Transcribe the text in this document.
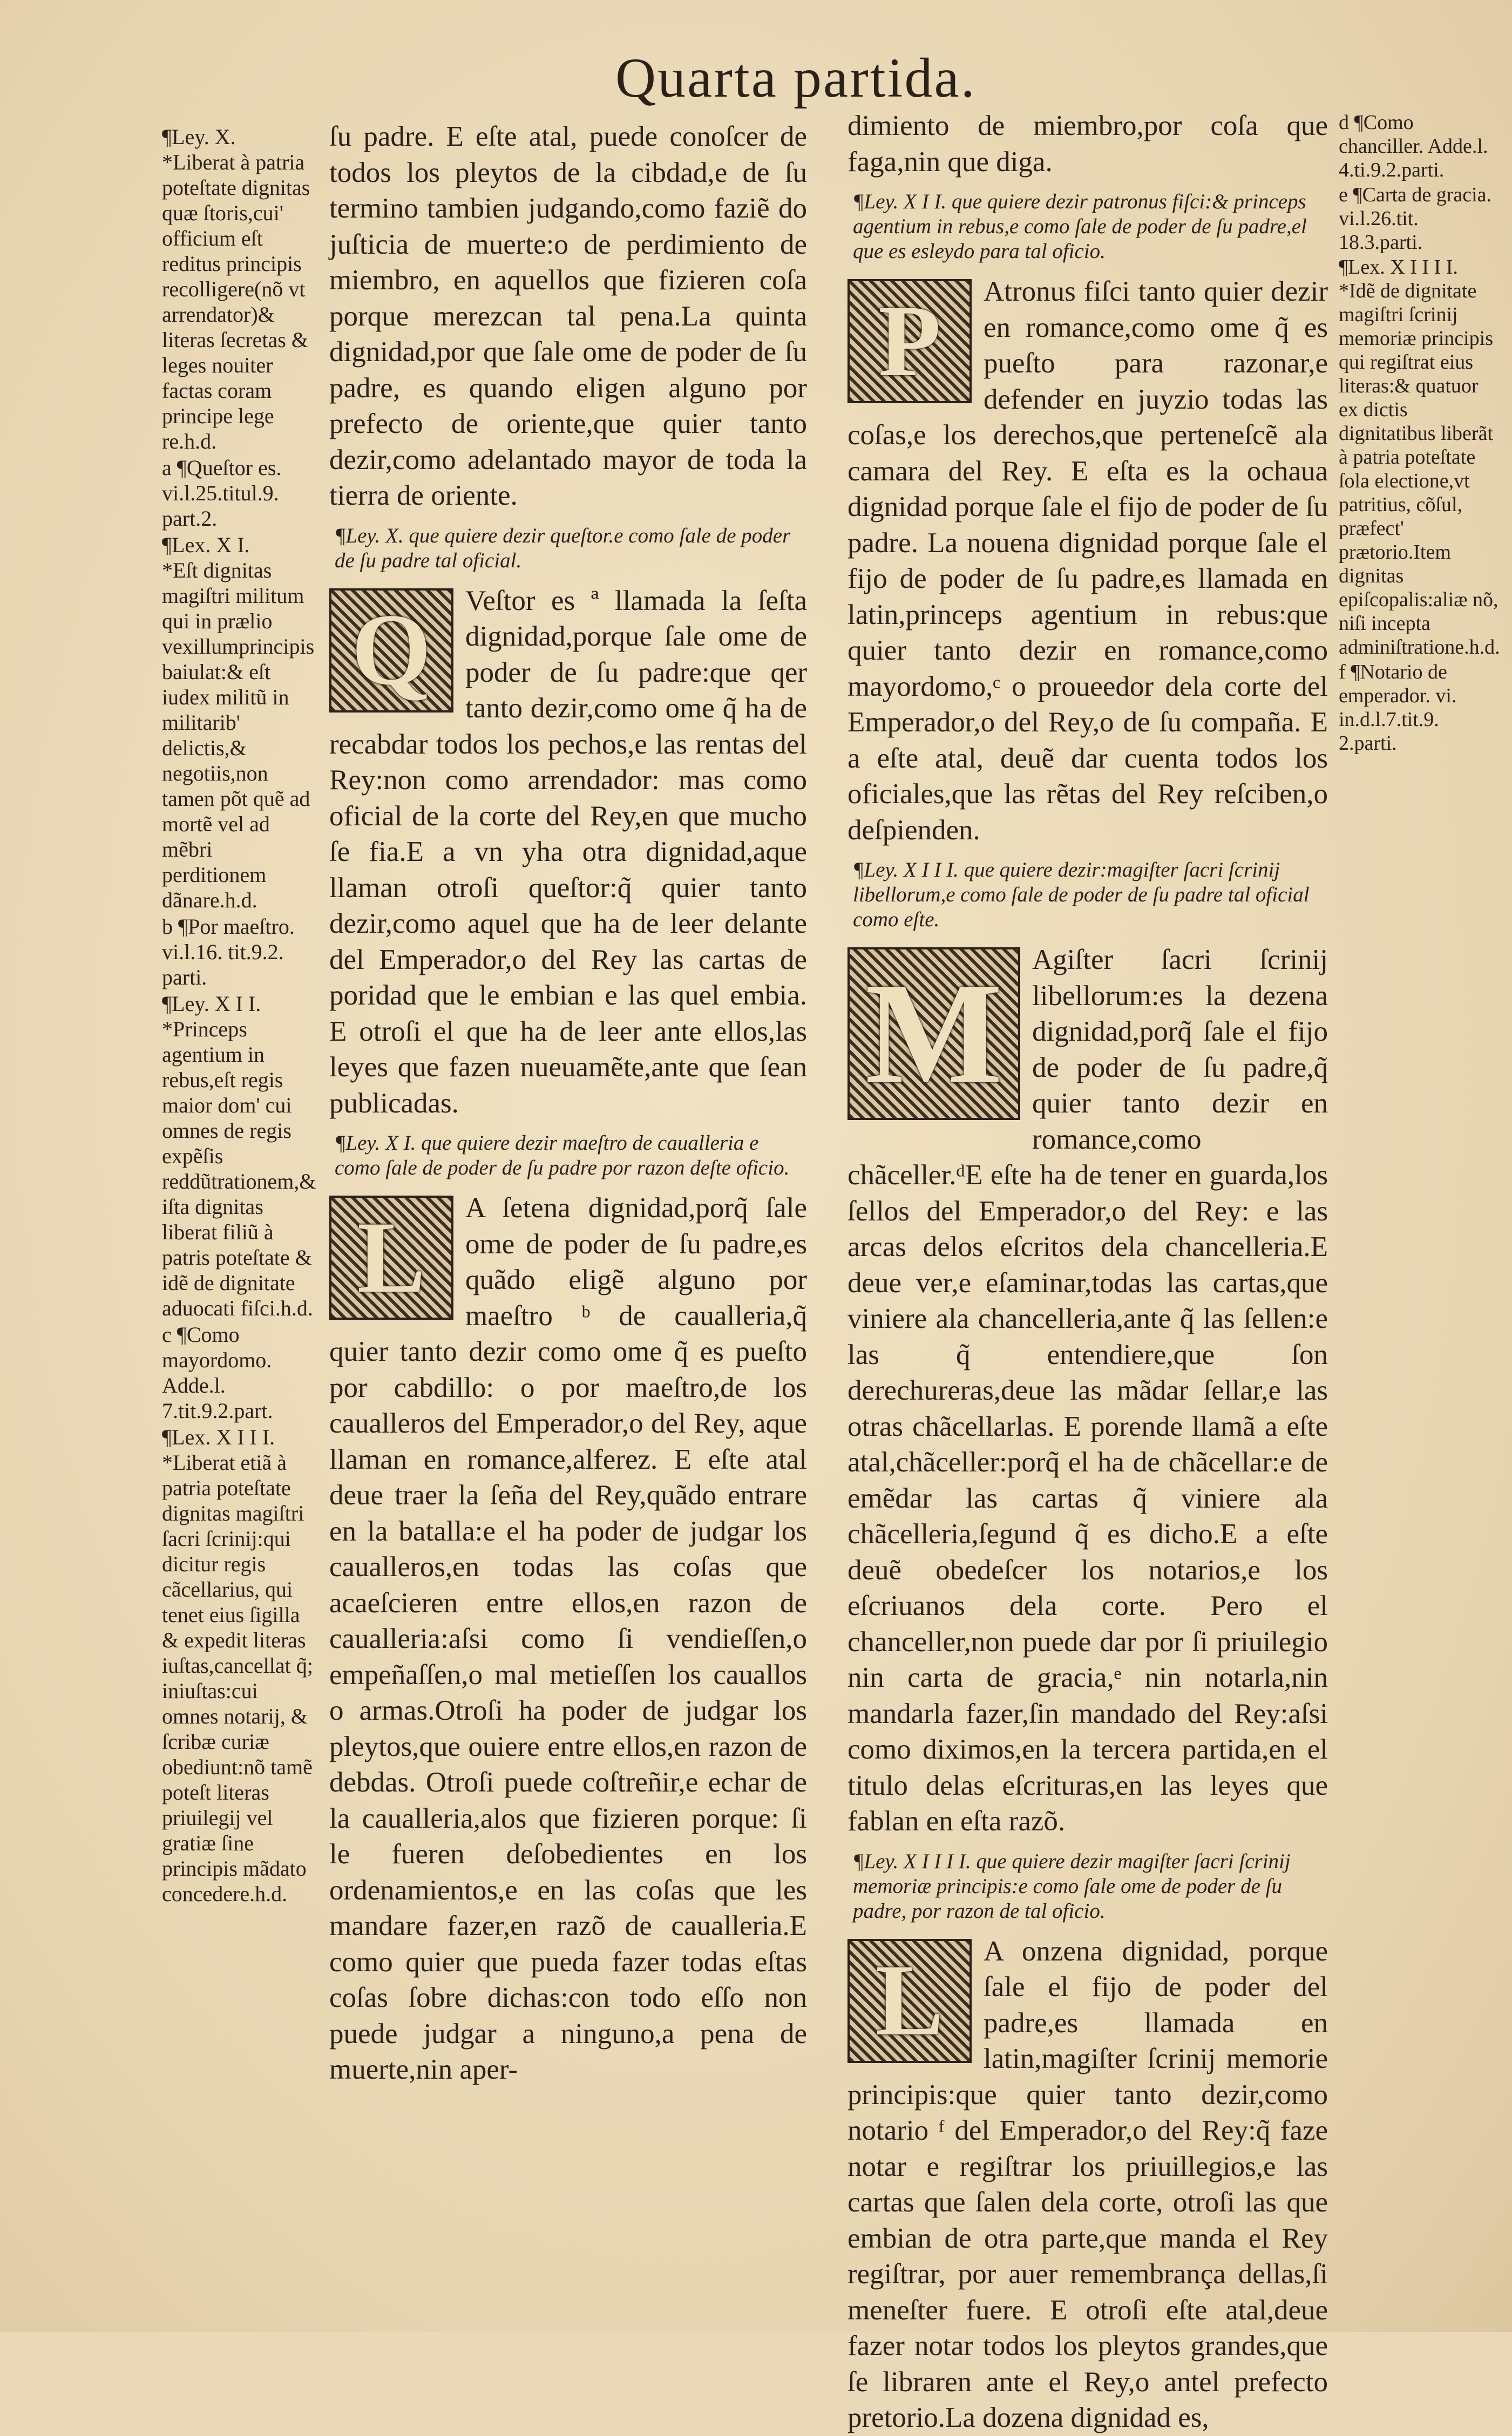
Quarta partida.

¶Ley. X.
*Liberat à patria poteſtate dignitas quæ ſtoris,cui' officium eſt reditus principis recolligere(nõ vt arrendator)& literas ſecretas & leges nouiter factas coram principe lege re.h.d.

a ¶Queſtor es. vi.l.25.titul.9. part.2.

¶Lex. X I.
*Eſt dignitas magiſtri militum qui in prælio vexillumprincipis baiulat:& eſt iudex militũ in militarib' delictis,& negotiis,non tamen põt quẽ ad mortẽ vel ad mẽbri perditionem dãnare.h.d.

b ¶Por maeſtro. vi.l.16. tit.9.2. parti.

¶Ley. X I I.
*Princeps agentium in rebus,eſt regis maior dom' cui omnes de regis expẽſis reddũtrationem,& iſta dignitas liberat filiũ à patris poteſtate & idẽ de dignitate aduocati fiſci.h.d.

c ¶Como mayordomo. Adde.l. 7.tit.9.2.part.

¶Lex. X I I I.
*Liberat etiã à patria poteſtate dignitas magiſtri ſacri ſcrinij:qui dicitur regis cãcellarius, qui tenet eius ſigilla & expedit literas iuſtas,cancellat q̃; iniuſtas:cui omnes notarij, & ſcribæ curiæ obediunt:nõ tamẽ poteſt literas priuilegij vel gratiæ ſine principis mãdato concedere.h.d.

ſu padre. E eſte atal, puede conoſcer de todos los pleytos de la cibdad,e de ſu termino tambien judgando,como faziẽ do juſticia de muerte:o de perdimiento de miembro, en aquellos que fizieren coſa porque merezcan tal pena.La quinta dignidad,por que ſale ome de poder de ſu padre, es quando eligen alguno por prefecto de oriente,que quier tanto dezir,como adelantado mayor de toda la tierra de oriente.

¶Ley. X. que quiere dezir queſtor.e como ſale de poder de ſu padre tal oficial.

Q	Veſtor es ª llamada la ſeſta dignidad,porque ſale ome de poder de ſu padre:que qer tanto dezir,como ome q̃ ha de recabdar todos los pechos,e las rentas del Rey:non como arrendador: mas como oficial de la corte del Rey,en que mucho ſe fia.E a vn yha otra dignidad,aque llaman otroſi queſtor:q̃ quier tanto dezir,como aquel que ha de leer delante del Emperador,o del Rey las cartas de poridad que le embian e las quel embia. E otroſi el que ha de leer ante ellos,las leyes que fazen nueuamẽte,ante que ſean publicadas.

¶Ley. X I. que quiere dezir maeſtro de caualleria e como ſale de poder de ſu padre por razon deſte oficio.

L	A ſetena dignidad,porq̃ ſale ome de poder de ſu padre,es quãdo eligẽ alguno por maeſtro ᵇ de caualleria,q̃ quier tanto dezir como ome q̃ es pueſto por cabdillo: o por maeſtro,de los caualleros del Emperador,o del Rey, aque llaman en romance,alferez. E eſte atal deue traer la ſeña del Rey,quãdo entrare en la batalla:e el ha poder de judgar los caualleros,en todas las coſas que acaeſcieren entre ellos,en razon de caualleria:aſsi como ſi vendieſſen,o empeñaſſen,o mal metieſſen los cauallos o armas.Otroſi ha poder de judgar los pleytos,que ouiere entre ellos,en razon de debdas. Otroſi puede coſtreñir,e echar de la caualleria,alos que fizieren porque: ſi le fueren deſobedientes en los ordenamientos,e en las coſas que les mandare fazer,en razõ de caualleria.E como quier que pueda fazer todas eſtas coſas ſobre dichas:con todo eſſo non puede judgar a ninguno,a pena de muerte,nin aper-

dimiento de miembro,por coſa que faga,nin que diga.

¶Ley. X I I. que quiere dezir patronus fiſci:& princeps agentium in rebus,e como ſale de poder de ſu padre,el que es esleydo para tal oficio.

P	Atronus fiſci tanto quier dezir en romance,como ome q̃ es pueſto para razonar,e defender en juyzio todas las coſas,e los derechos,que perteneſcẽ ala camara del Rey. E eſta es la ochaua dignidad porque ſale el fijo de poder de ſu padre. La nouena dignidad porque ſale el fijo de poder de ſu padre,es llamada en latin,princeps agentium in rebus:que quier tanto dezir en romance,como mayordomo,ᶜ o proueedor dela corte del Emperador,o del Rey,o de ſu compaña. E a eſte atal, deuẽ dar cuenta todos los oficiales,que las rẽtas del Rey reſciben,o deſpienden.

¶Ley. X I I I. que quiere dezir:magiſter ſacri ſcrinij libellorum,e como ſale de poder de ſu padre tal oficial como eſte.

M	Agiſter ſacri ſcrinij libellorum:es la dezena dignidad,porq̃ ſale el fijo de poder de ſu padre,q̃ quier tanto dezir en romance,como chãceller.ᵈE eſte ha de tener en guarda,los ſellos del Emperador,o del Rey: e las arcas delos eſcritos dela chancelleria.E deue ver,e eſaminar,todas las cartas,que viniere ala chancelleria,ante q̃ las ſellen:e las q̃ entendiere,que ſon derechureras,deue las mãdar ſellar,e las otras chãcellarlas. E porende llamã a eſte atal,chãceller:porq̃ el ha de chãcellar:e de emẽdar las cartas q̃ viniere ala chãcelleria,ſegund q̃ es dicho.E a eſte deuẽ obedeſcer los notarios,e los eſcriuanos dela corte. Pero el chanceller,non puede dar por ſi priuilegio nin carta de gracia,ᵉ nin notarla,nin mandarla fazer,ſin mandado del Rey:aſsi como diximos,en la tercera partida,en el titulo delas eſcrituras,en las leyes que fablan en eſta razõ.

¶Ley. X I I I I. que quiere dezir magiſter ſacri ſcrinij memoriæ principis:e como ſale ome de poder de ſu padre, por razon de tal oficio.

L	A onzena dignidad, porque ſale el fijo de poder del padre,es llamada en latin,magiſter ſcrinij memorie principis:que quier tanto dezir,como notario ᶠ del Emperador,o del Rey:q̃ faze notar e regiſtrar los priuillegios,e las cartas que ſalen dela corte, otroſi las que embian de otra parte,que manda el Rey regiſtrar, por auer remembrança dellas,ſi meneſter fuere. E otroſi eſte atal,deue fazer notar todos los pleytos grandes,que ſe libraren ante el Rey,o antel prefecto pretorio.La dozena dignidad es,

d ¶Como chanciller. Adde.l. 4.ti.9.2.parti.

e ¶Carta de gracia. vi.l.26.tit. 18.3.parti.

¶Lex. X I I I I.
*Idẽ de dignitate magiſtri ſcrinij memoriæ principis qui regiſtrat eius literas:& quatuor ex dictis dignitatibus liberãt à patria poteſtate ſola electione,vt patritius, cõſul, præfect' prætorio.Item dignitas epiſcopalis:aliæ nõ, niſi incepta adminiſtratione.h.d.

f ¶Notario de emperador. vi. in.d.l.7.tit.9. 2.parti.
